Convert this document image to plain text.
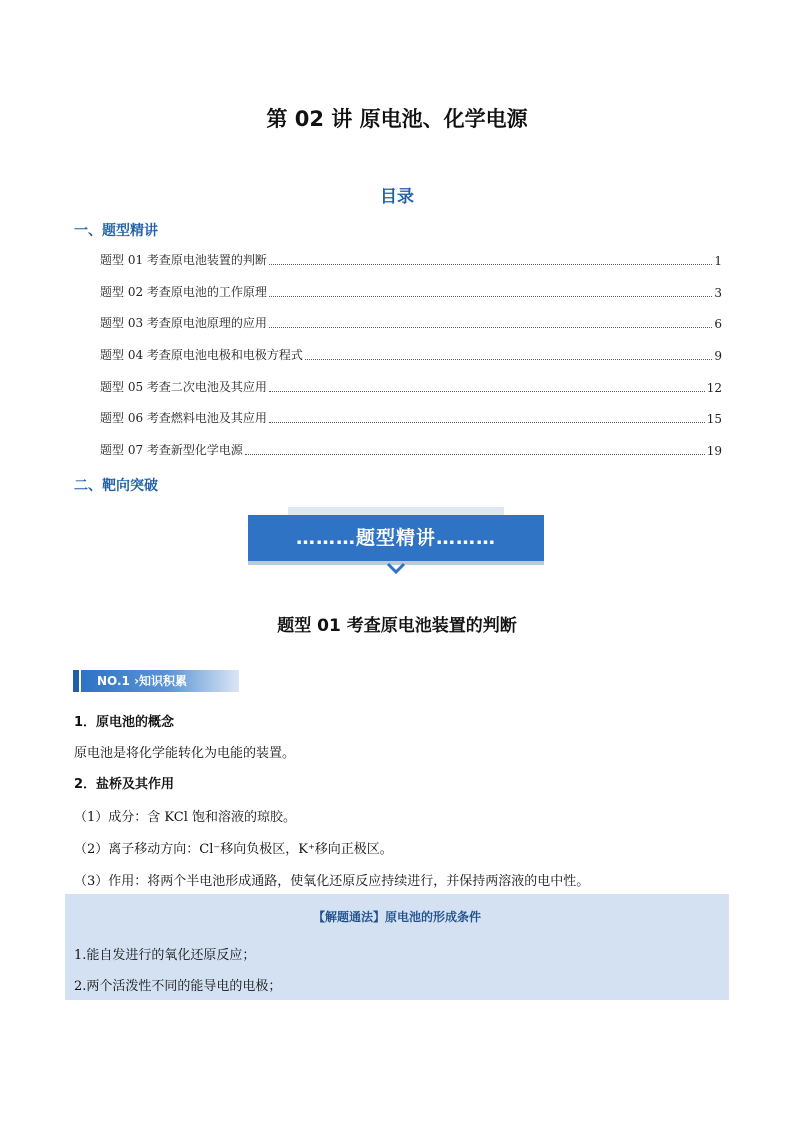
第 02 讲 原电池、化学电源
目录
一、题型精讲
题型 01 考查原电池装置的判断	1
题型 02 考查原电池的工作原理	3
题型 03 考查原电池原理的应用	6
题型 04 考查原电池电极和电极方程式	9
题型 05 考查二次电池及其应用	12
题型 06 考查燃料电池及其应用	15
题型 07 考查新型化学电源	19
二、靶向突破
………题型精讲………
题型 01 考查原电池装置的判断
NO.1 ›知识积累
1．原电池的概念
原电池是将化学能转化为电能的装置。
2．盐桥及其作用
（1）成分：含 KCl 饱和溶液的琼胶。
（2）离子移动方向：Cl⁻移向负极区，K⁺移向正极区。
（3）作用：将两个半电池形成通路，使氧化还原反应持续进行，并保持两溶液的电中性。
【解题通法】原电池的形成条件
1.能自发进行的氧化还原反应；
2.两个活泼性不同的能导电的电极；
